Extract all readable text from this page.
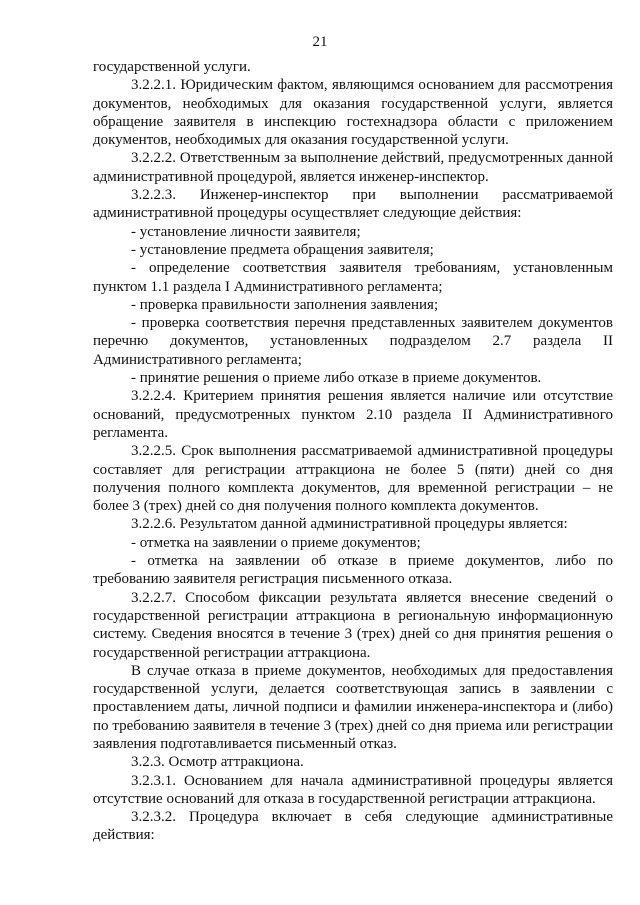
21

государственной услуги.

3.2.2.1. Юридическим фактом, являющимся основанием для рассмотрения документов, необходимых для оказания государственной услуги, является обращение заявителя в инспекцию гостехнадзора области с приложением документов, необходимых для оказания государственной услуги.

3.2.2.2. Ответственным за выполнение действий, предусмотренных данной административной процедурой, является инженер-инспектор.

3.2.2.3. Инженер-инспектор при выполнении рассматриваемой административной процедуры осуществляет следующие действия:

- установление личности заявителя;

- установление предмета обращения заявителя;

- определение соответствия заявителя требованиям, установленным пунктом 1.1 раздела I Административного регламента;

- проверка правильности заполнения заявления;

- проверка соответствия перечня представленных заявителем документов перечню документов, установленных подразделом 2.7 раздела II Административного регламента;

- принятие решения о приеме либо отказе в приеме документов.

3.2.2.4. Критерием принятия решения является наличие или отсутствие оснований, предусмотренных пунктом 2.10 раздела II Административного регламента.

3.2.2.5. Срок выполнения рассматриваемой административной процедуры составляет для регистрации аттракциона не более 5 (пяти) дней со дня получения полного комплекта документов, для временной регистрации – не более 3 (трех) дней со дня получения полного комплекта документов.

3.2.2.6. Результатом данной административной процедуры является:

- отметка на заявлении о приеме документов;

- отметка на заявлении об отказе в приеме документов, либо по требованию заявителя регистрация письменного отказа.

3.2.2.7. Способом фиксации результата является внесение сведений о государственной регистрации аттракциона в региональную информационную систему. Сведения вносятся в течение 3 (трех) дней со дня принятия решения о государственной регистрации аттракциона.

В случае отказа в приеме документов, необходимых для предоставления государственной услуги, делается соответствующая запись в заявлении с проставлением даты, личной подписи и фамилии инженера-инспектора и (либо) по требованию заявителя в течение 3 (трех) дней со дня приема или регистрации заявления подготавливается письменный отказ.

3.2.3. Осмотр аттракциона.

3.2.3.1. Основанием для начала административной процедуры является отсутствие оснований для отказа в государственной регистрации аттракциона.

3.2.3.2. Процедура включает в себя следующие административные действия:
